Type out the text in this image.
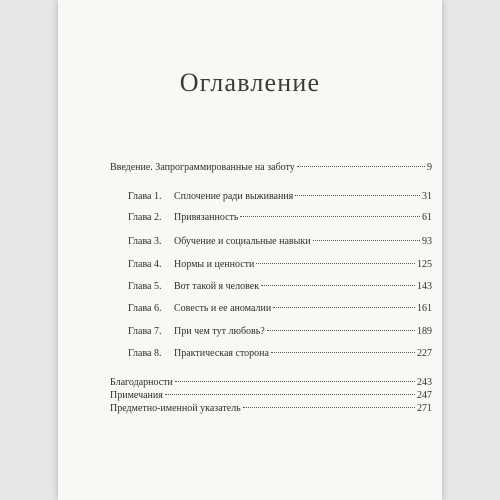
Оглавление
Введение. Запрограммированные на заботу	9
Глава 1.	Сплочение ради выживания	31
Глава 2.	Привязанность	61
Глава 3.	Обучение и социальные навыки	93
Глава 4.	Нормы и ценности	125
Глава 5.	Вот такой я человек	143
Глава 6.	Совесть и ее аномалии	161
Глава 7.	При чем тут любовь?	189
Глава 8.	Практическая сторона	227
Благодарности	243
Примечания	247
Предметно-именной указатель	271
